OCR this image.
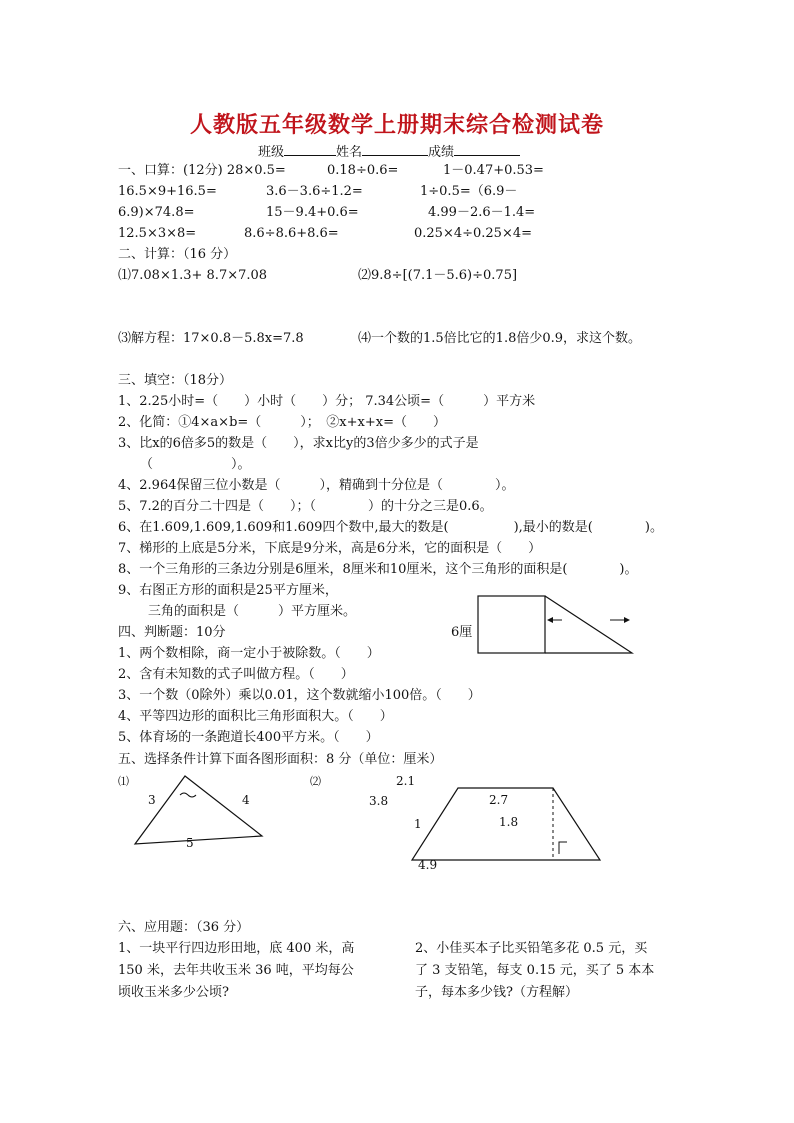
人教版五年级数学上册期末综合检测试卷
班级	姓名	成绩
一、口算：(12分) 28×0.5=	0.18÷0.6=	1－0.47+0.53=
16.5×9+16.5=	3.6－3.6÷1.2=	1÷0.5=（6.9－
6.9)×74.8=	15－9.4+0.6=	4.99－2.6－1.4=
12.5×3×8=	8.6÷8.6+8.6=	0.25×4÷0.25×4=
二、计算：（16 分）
⑴7.08×1.3+ 8.7×7.08	⑵9.8÷[(7.1－5.6)÷0.75]
⑶解方程：17×0.8－5.8x=7.8	⑷一个数的1.5倍比它的1.8倍少0.9，求这个数。
三、填空：（18分）
1、2.25小时=（　　）小时（　　）分； 7.34公顷=（　　　）平方米
2、化简：①4×a×b=（　　　）；　②x+x+x=（　　）
3、比x的6倍多5的数是（　　），求x比y的3倍少多少的式子是
（　　　　　　）。
4、2.964保留三位小数是（　　　），精确到十分位是（　　　　）。
5、7.2的百分二十四是（　　）；（　　　　）的十分之三是0.6。
6、在1.609,1.609,1.609和1.609四个数中,最大的数是(　　　　　),最小的数是(　　　　)。
7、梯形的上底是5分米，下底是9分米，高是6分米，它的面积是（　　）
8、一个三角形的三条边分别是6厘米，8厘米和10厘米，这个三角形的面积是(　　　　)。
9、右图正方形的面积是25平方厘米，
三角的面积是（　　　）平方厘米。
6厘
四、判断题：10分
1、两个数相除，商一定小于被除数。（　　）
2、含有未知数的式子叫做方程。（　　）
3、一个数（0除外）乘以0.01，这个数就缩小100倍。（　　）
4、平等四边形的面积比三角形面积大。（　　）
5、体育场的一条跑道长400平方米。（　　）
五、选择条件计算下面各图形面积：8 分（单位：厘米）
⑴	⑵
3	4
5
2.1
3.8
1
2.7
1.8
4.9
六、应用题：（36 分）
1、一块平行四边形田地，底 400 米，高
150 米，去年共收玉米 36 吨，平均每公
顷收玉米多少公顷?
2、小佳买本子比买铅笔多花 0.5 元，买
了 3 支铅笔，每支 0.15 元，买了 5 本本
子，每本多少钱?（方程解）
